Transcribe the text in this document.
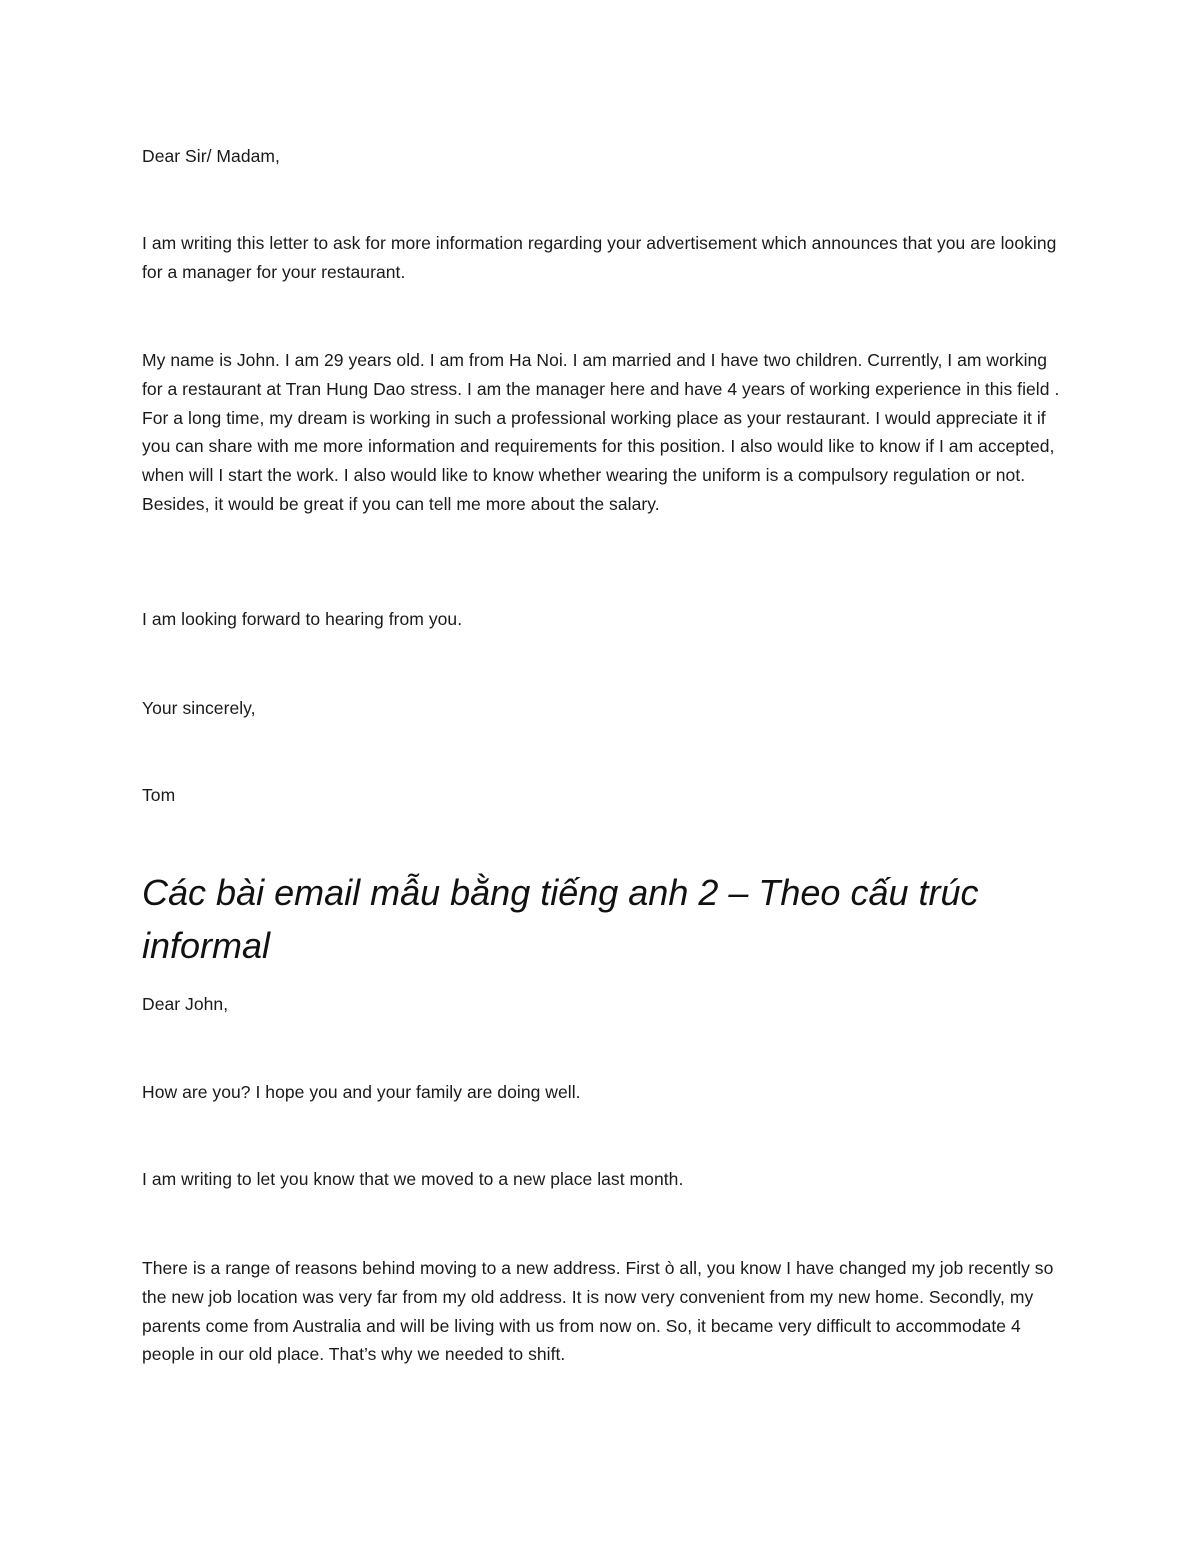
Dear Sir/ Madam,

I am writing this letter to ask for more information regarding your advertisement which announces that you are looking for a manager for your restaurant.

My name is John. I am 29 years old. I am from Ha Noi. I am married and I have two children. Currently, I am working for a restaurant at Tran Hung Dao stress. I am the manager here and have 4 years of working experience in this field . For a long time, my dream is working in such a professional working place as your restaurant. I would appreciate it if you can share with me more information and requirements for this position. I also would like to know if I am accepted, when will I start the work. I also would like to know whether wearing the uniform is a compulsory regulation or not. Besides, it would be great if you can tell me more about the salary.

I am looking forward to hearing from you.

Your sincerely,

Tom

Các bài email mẫu bằng tiếng anh 2 – Theo cấu trúc informal

Dear John,

How are you? I hope you and your family are doing well.

I am writing to let you know that we moved to a new place last month.

There is a range of reasons behind moving to a new address. First ò all, you know I have changed my job recently so the new job location was very far from my old address. It is now very convenient from my new home. Secondly, my parents come from Australia and will be living with us from now on. So, it became very difficult to accommodate 4 people in our old place. That’s why we needed to shift.
